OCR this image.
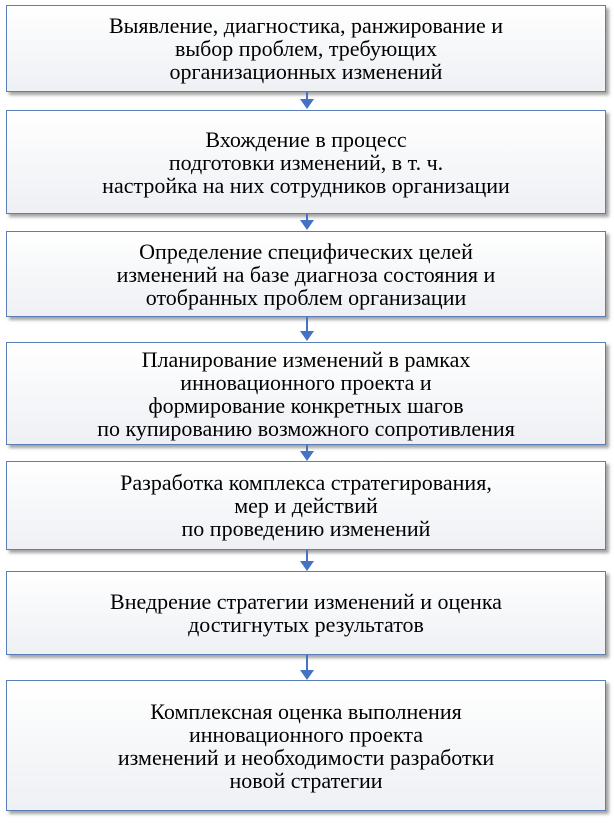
Выявление, диагностика, ранжирование и
выбор проблем, требующих
организационных изменений
Вхождение в процесс
подготовки изменений, в т. ч.
настройка на них сотрудников организации
Определение специфических целей
изменений на базе диагноза состояния и
отобранных проблем организации
Планирование изменений в рамках
инновационного проекта и
формирование конкретных шагов
по купированию возможного сопротивления
Разработка комплекса стратегирования,
мер и действий
по проведению изменений
Внедрение стратегии изменений и оценка
достигнутых результатов
Комплексная оценка выполнения
инновационного проекта
изменений и необходимости разработки
новой стратегии
